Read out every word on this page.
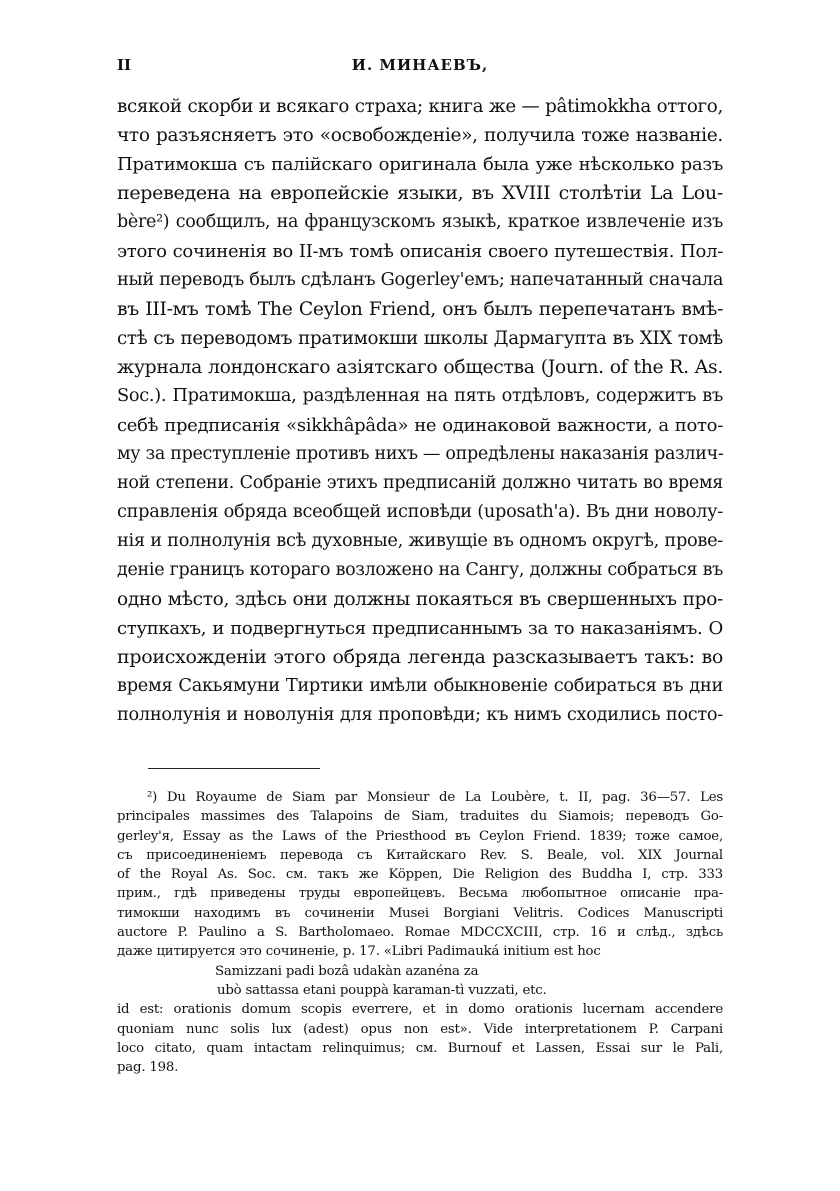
II	И. МИНАЕВЪ,
всякой скорби и всякаго страха; книга же — pâtimokkha оттого,
что разъясняетъ это «освобожденіе», получила тоже названіе.
Пратимокша съ палійскаго оригинала была уже нѣсколько разъ
переведена на европейскіе языки, въ XVIII столѣтіи La Lou-
bère²) сообщилъ, на французскомъ языкѣ, краткое извлеченіе изъ
этого сочиненія во II-мъ томѣ описанія своего путешествія. Пол-
ный переводъ былъ сдѣланъ Gogerley'емъ; напечатанный сначала
въ III-мъ томѣ The Ceylon Friend, онъ былъ перепечатанъ вмѣ-
стѣ съ переводомъ пратимокши школы Дармагупта въ XIX томѣ
журнала лондонскаго азіятскаго общества (Journ. of the R. As.
Soc.). Пратимокша, раздѣленная на пять отдѣловъ, содержитъ въ
себѣ предписанія «sikkhâpâda» не одинаковой важности, а пото-
му за преступленіе противъ нихъ — опредѣлены наказанія различ-
ной степени. Собраніе этихъ предписаній должно читать во время
справленія обряда всеобщей исповѣди (uposath'a). Въ дни новолу-
нія и полнолунія всѣ духовные, живущіе въ одномъ округѣ, прове-
деніе границъ котораго возложено на Сангу, должны собраться въ
одно мѣсто, здѣсь они должны покаяться въ свершенныхъ про-
ступкахъ, и подвергнуться предписаннымъ за то наказаніямъ. О
происхожденіи этого обряда легенда разсказываетъ такъ: во
время Сакьямуни Тиртики имѣли обыкновеніе собираться въ дни
полнолунія и новолунія для проповѣди; къ нимъ сходились посто-
²) Du Royaume de Siam par Monsieur de La Loubère, t. II, pag. 36—57. Les
principales massimes des Talapoins de Siam, traduites du Siamois; переводъ Go-
gerley'я, Essay as the Laws of the Priesthood въ Ceylon Friend. 1839; тоже самое,
съ присоединеніемъ перевода съ Китайскаго Rev. S. Beale, vol. XIX Journal
of the Royal As. Soc. см. такъ же Köppen, Die Religion des Buddha I, стр. 333
прим., гдѣ приведены труды европейцевъ. Весьма любопытное описаніе пра-
тимокши находимъ въ сочиненіи Musei Borgiani Velitris. Codices Manuscripti
auctore P. Paulino a S. Bartholomaeo. Romae MDCCXCIII, стр. 16 и слѣд., здѣсь
даже цитируется это сочиненіе, p. 17. «Libri Padimauká initium est hoc
Samizzani padi bozâ udakàn azanéna za
ubò sattassa etani pouppà karaman-tì vuzzati, etc.
id est: orationis domum scopis everrere, et in domo orationis lucernam accendere
quoniam nunc solis lux (adest) opus non est». Vide interpretationem P. Carpani
loco citato, quam intactam relinquimus; см. Burnouf et Lassen, Essai sur le Pali,
pag. 198.
